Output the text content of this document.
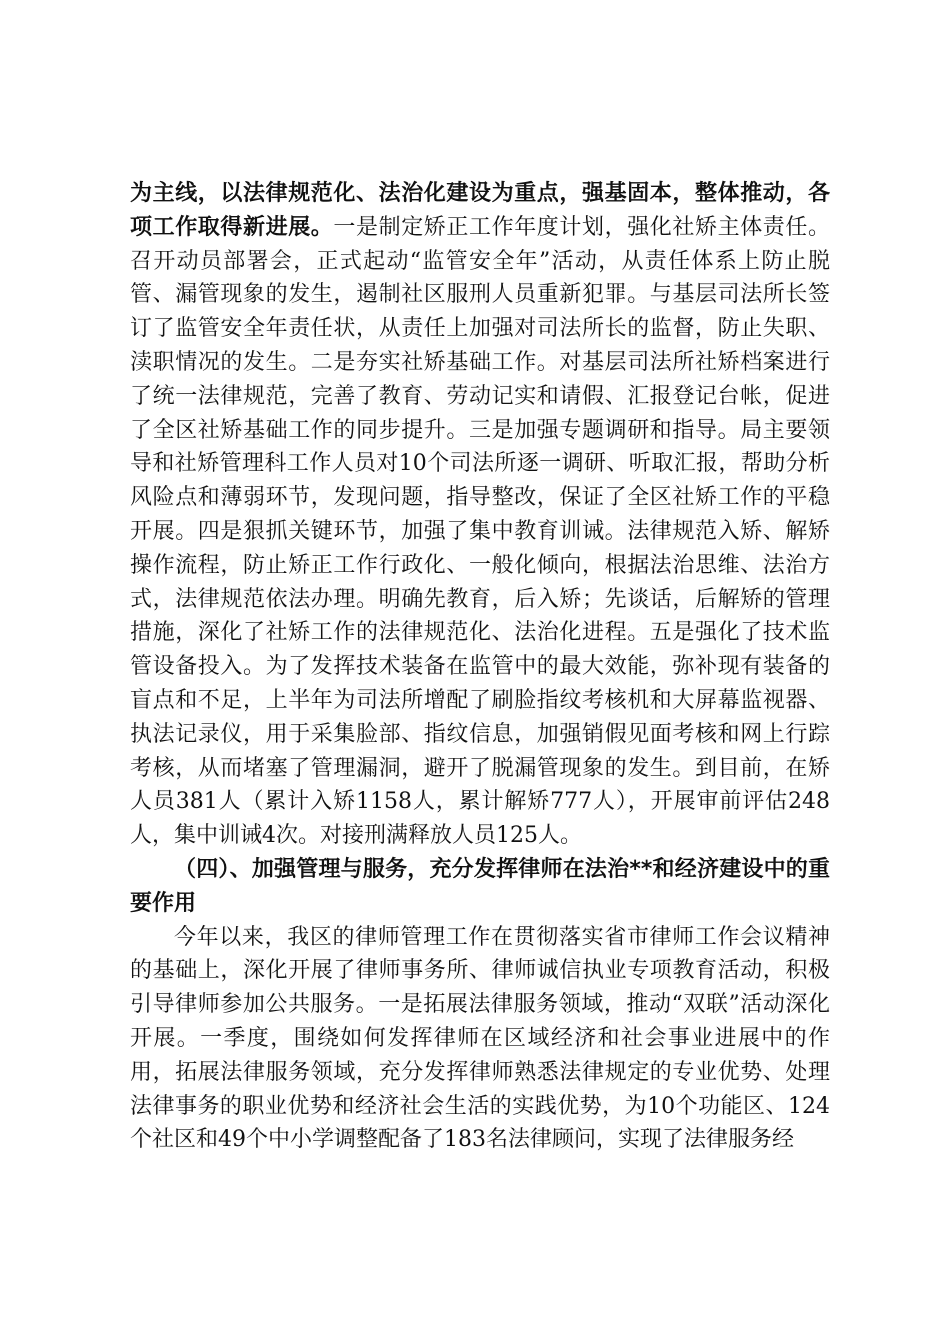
为主线，以法律规范化、法治化建设为重点，强基固本，整体推动，各项工作取得新进展。一是制定矫正工作年度计划，强化社矫主体责任。召开动员部署会，正式起动“监管安全年”活动，从责任体系上防止脱管、漏管现象的发生，遏制社区服刑人员重新犯罪。与基层司法所长签订了监管安全年责任状，从责任上加强对司法所长的监督，防止失职、渎职情况的发生。二是夯实社矫基础工作。对基层司法所社矫档案进行了统一法律规范，完善了教育、劳动记实和请假、汇报登记台帐，促进了全区社矫基础工作的同步提升。三是加强专题调研和指导。局主要领导和社矫管理科工作人员对10个司法所逐一调研、听取汇报，帮助分析风险点和薄弱环节，发现问题，指导整改，保证了全区社矫工作的平稳开展。四是狠抓关键环节，加强了集中教育训诫。法律规范入矫、解矫操作流程，防止矫正工作行政化、一般化倾向，根据法治思维、法治方式，法律规范依法办理。明确先教育，后入矫；先谈话，后解矫的管理措施，深化了社矫工作的法律规范化、法治化进程。五是强化了技术监管设备投入。为了发挥技术装备在监管中的最大效能，弥补现有装备的盲点和不足，上半年为司法所增配了刷脸指纹考核机和大屏幕监视器、执法记录仪，用于采集脸部、指纹信息，加强销假见面考核和网上行踪考核，从而堵塞了管理漏洞，避开了脱漏管现象的发生。到目前，在矫人员381人（累计入矫1158人，累计解矫777人），开展审前评估248人，集中训诫4次。对接刑满释放人员125人。

（四）、加强管理与服务，充分发挥律师在法治**和经济建设中的重要作用

今年以来，我区的律师管理工作在贯彻落实省市律师工作会议精神的基础上，深化开展了律师事务所、律师诚信执业专项教育活动，积极引导律师参加公共服务。一是拓展法律服务领域，推动“双联”活动深化开展。一季度，围绕如何发挥律师在区域经济和社会事业进展中的作用，拓展法律服务领域，充分发挥律师熟悉法律规定的专业优势、处理法律事务的职业优势和经济社会生活的实践优势，为10个功能区、124个社区和49个中小学调整配备了183名法律顾问，实现了法律服务经
